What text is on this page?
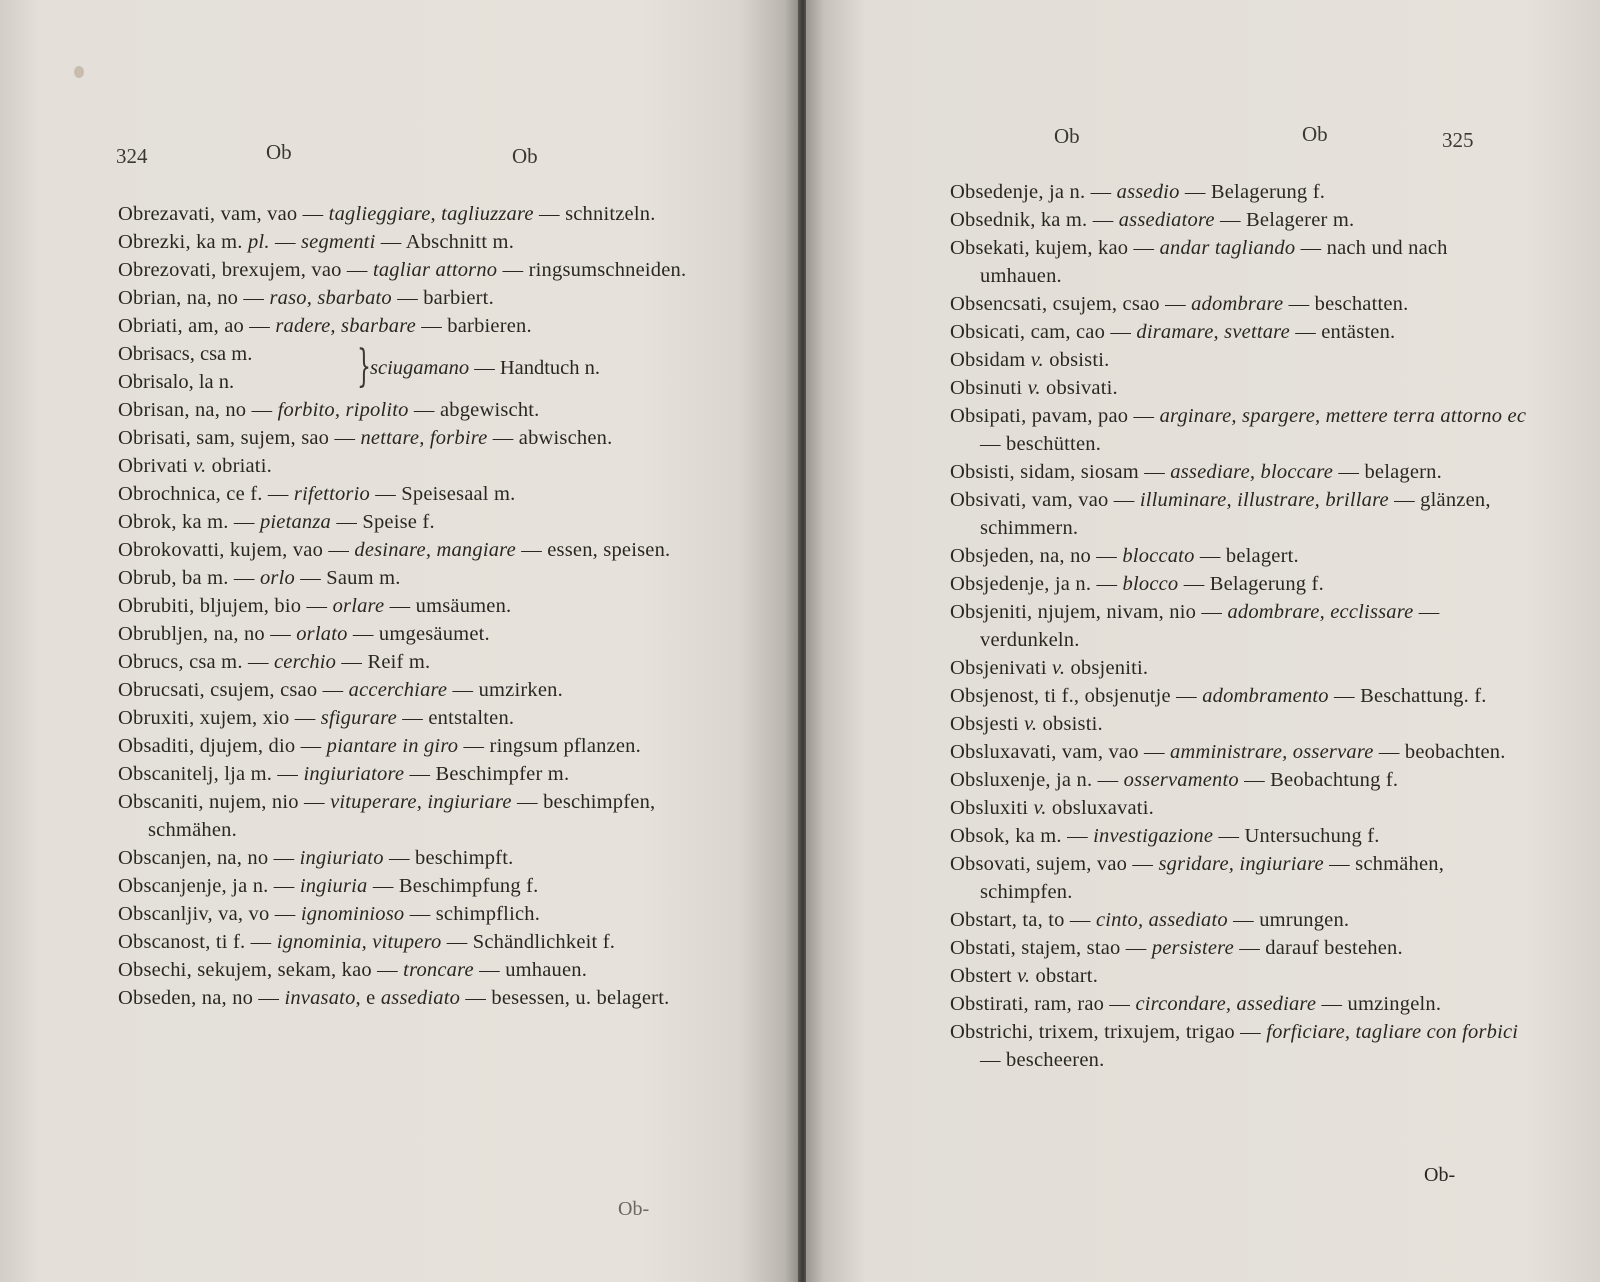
324	Ob	Ob
Obrezavati, vam, vao — taglieggiare, tagliuzzare — schnitzeln.
Obrezki, ka m. pl. — segmenti — Abschnitt m.
Obrezovati, brexujem, vao — tagliar attorno — ringsumschneiden.
Obrian, na, no — raso, sbarbato — barbiert.
Obriati, am, ao — radere, sbarbare — barbieren.
Obrisacs, csa m.
Obrisalo, la n.	} sciugamano — Handtuch n.
Obrisan, na, no — forbito, ripolito — abgewischt.
Obrisati, sam, sujem, sao — nettare, forbire — abwischen.
Obrivati v. obriati.
Obrochnica, ce f. — rifettorio — Speisesaal m.
Obrok, ka m. — pietanza — Speise f.
Obrokovatti, kujem, vao — desinare, mangiare — essen, speisen.
Obrub, ba m. — orlo — Saum m.
Obrubiti, bljujem, bio — orlare — umsäumen.
Obrubljen, na, no — orlato — umgesäumet.
Obrucs, csa m. — cerchio — Reif m.
Obrucsati, csujem, csao — accerchiare — umzirken.
Obruxiti, xujem, xio — sfigurare — entstalten.
Obsaditi, djujem, dio — piantare in giro — ringsum pflanzen.
Obscanitelj, lja m. — ingiuriatore — Beschimpfer m.
Obscaniti, nujem, nio — vituperare, ingiuriare — beschimpfen, schmähen.
Obscanjen, na, no — ingiuriato — beschimpft.
Obscanjenje, ja n. — ingiuria — Beschimpfung f.
Obscanljiv, va, vo — ignominioso — schimpflich.
Obscanost, ti f. — ignominia, vitupero — Schändlichkeit f.
Obsechi, sekujem, sekam, kao — troncare — umhauen.
Obseden, na, no — invasato, e assediato — besessen, u. belagert.
Ob-
Ob	Ob	325
Obsedenje, ja n. — assedio — Belagerung f.
Obsednik, ka m. — assediatore — Belagerer m.
Obsekati, kujem, kao — andar tagliando — nach und nach umhauen.
Obsencsati, csujem, csao — adombrare — beschatten.
Obsicati, cam, cao — diramare, svettare — entästen.
Obsidam v. obsisti.
Obsinuti v. obsivati.
Obsipati, pavam, pao — arginare, spargere, mettere terra attorno ec — beschütten.
Obsisti, sidam, siosam — assediare, bloccare — belagern.
Obsivati, vam, vao — illuminare, illustrare, brillare — glänzen, schimmern.
Obsjeden, na, no — bloccato — belagert.
Obsjedenje, ja n. — blocco — Belagerung f.
Obsjeniti, njujem, nivam, nio — adombrare, ecclissare — verdunkeln.
Obsjenivati v. obsjeniti.
Obsjenost, ti f., obsjenutje — adombramento — Beschattung. f.
Obsjesti v. obsisti.
Obsluxavati, vam, vao — amministrare, osservare — beobachten.
Obsluxenje, ja n. — osservamento — Beobachtung f.
Obsluxiti v. obsluxavati.
Obsok, ka m. — investigazione — Untersuchung f.
Obsovati, sujem, vao — sgridare, ingiuriare — schmähen, schimpfen.
Obstart, ta, to — cinto, assediato — umrungen.
Obstati, stajem, stao — persistere — darauf bestehen.
Obstert v. obstart.
Obstirati, ram, rao — circondare, assediare — umzingeln.
Obstrichi, trixem, trixujem, trigao — forficiare, tagliare con forbici — bescheeren.
Ob-
